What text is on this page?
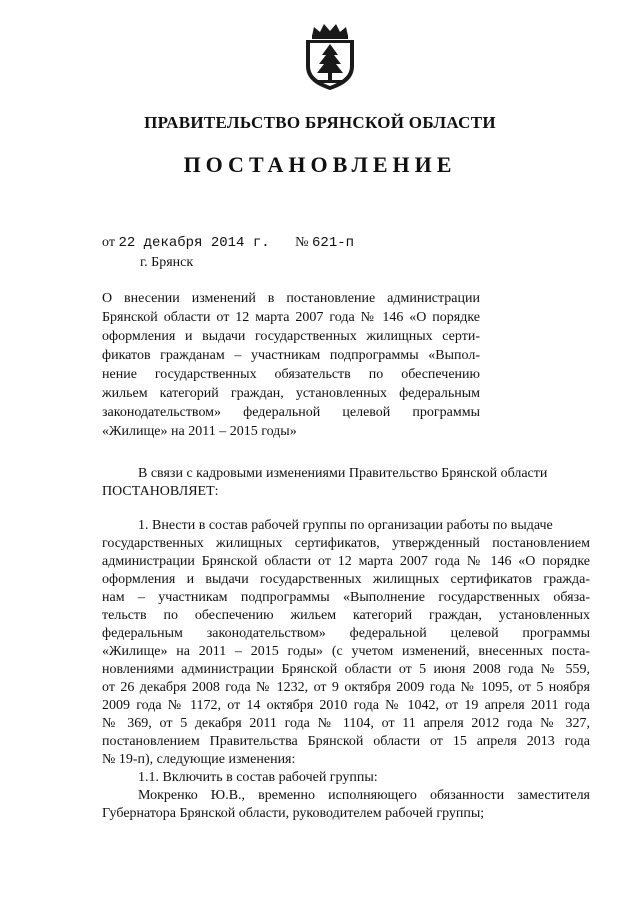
ПРАВИТЕЛЬСТВО БРЯНСКОЙ ОБЛАСТИ
ПОСТАНОВЛЕНИЕ
от 22 декабря 2014 г. № 621-п
г. Брянск
О внесении изменений в постановление администрации
Брянской области от 12 марта 2007 года № 146 «О порядке
оформления и выдачи государственных жилищных серти-
фикатов гражданам – участникам подпрограммы «Выпол-
нение государственных обязательств по обеспечению
жильем категорий граждан, установленных федеральным
законодательством» федеральной целевой программы
«Жилище» на 2011 – 2015 годы»
В связи с кадровыми изменениями Правительство Брянской области
ПОСТАНОВЛЯЕТ:
1. Внести в состав рабочей группы по организации работы по выдаче
государственных жилищных сертификатов, утвержденный постановлением
администрации Брянской области от 12 марта 2007 года № 146 «О порядке
оформления и выдачи государственных жилищных сертификатов гражда-
нам – участникам подпрограммы «Выполнение государственных обяза-
тельств по обеспечению жильем категорий граждан, установленных
федеральным законодательством» федеральной целевой программы
«Жилище» на 2011 – 2015 годы» (с учетом изменений, внесенных поста-
новлениями администрации Брянской области от 5 июня 2008 года № 559,
от 26 декабря 2008 года № 1232, от 9 октября 2009 года № 1095, от 5 ноября
2009 года № 1172, от 14 октября 2010 года № 1042, от 19 апреля 2011 года
№ 369, от 5 декабря 2011 года № 1104, от 11 апреля 2012 года № 327,
постановлением Правительства Брянской области от 15 апреля 2013 года
№ 19-п), следующие изменения:
1.1. Включить в состав рабочей группы:
Мокренко Ю.В., временно исполняющего обязанности заместителя
Губернатора Брянской области, руководителем рабочей группы;
